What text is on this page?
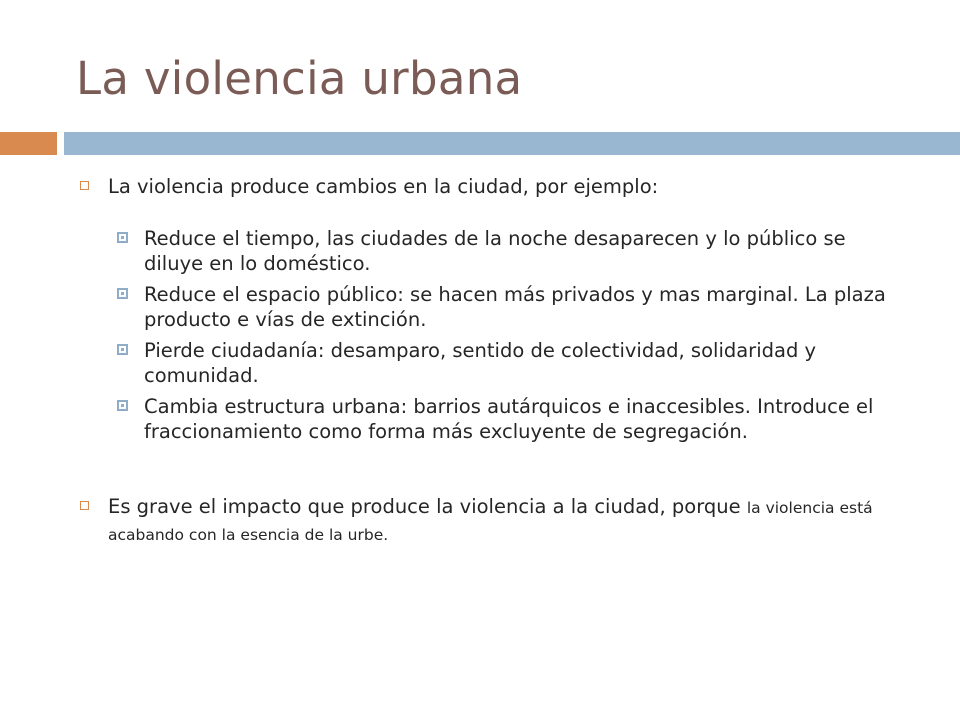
La violencia urbana
La violencia produce cambios en la ciudad, por ejemplo:
Reduce el tiempo, las ciudades de la noche desaparecen y lo público se diluye en lo doméstico.
Reduce el espacio público: se hacen más privados y mas marginal. La plaza producto e vías de extinción.
Pierde ciudadanía: desamparo, sentido de colectividad, solidaridad y comunidad.
Cambia estructura urbana: barrios autárquicos e inaccesibles. Introduce el fraccionamiento como forma más excluyente de segregación.
Es grave el impacto que produce la violencia a la ciudad, porque la violencia está acabando con la esencia de la urbe.
